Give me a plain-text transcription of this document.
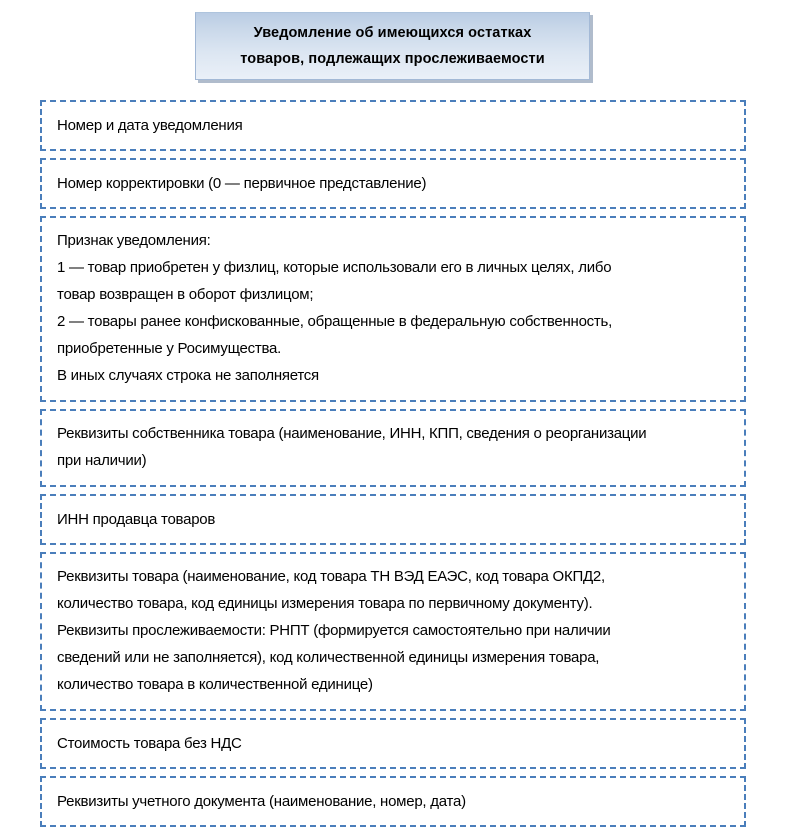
Уведомление об имеющихся остатках
товаров, подлежащих прослеживаемости
Номер и дата уведомления
Номер корректировки (0 — первичное представление)
Признак уведомления:
1 — товар приобретен у физлиц, которые использовали его в личных целях, либо
товар возвращен в оборот физлицом;
2 — товары ранее конфискованные, обращенные в федеральную собственность,
приобретенные у Росимущества.
В иных случаях строка не заполняется
Реквизиты собственника товара (наименование, ИНН, КПП, сведения о реорганизации
при наличии)
ИНН продавца товаров
Реквизиты товара (наименование, код товара ТН ВЭД ЕАЭС, код товара ОКПД2,
количество товара, код единицы измерения товара по первичному документу).
Реквизиты прослеживаемости: РНПТ (формируется самостоятельно при наличии
сведений или не заполняется), код количественной единицы измерения товара,
количество товара в количественной единице)
Стоимость товара без НДС
Реквизиты учетного документа (наименование, номер, дата)
